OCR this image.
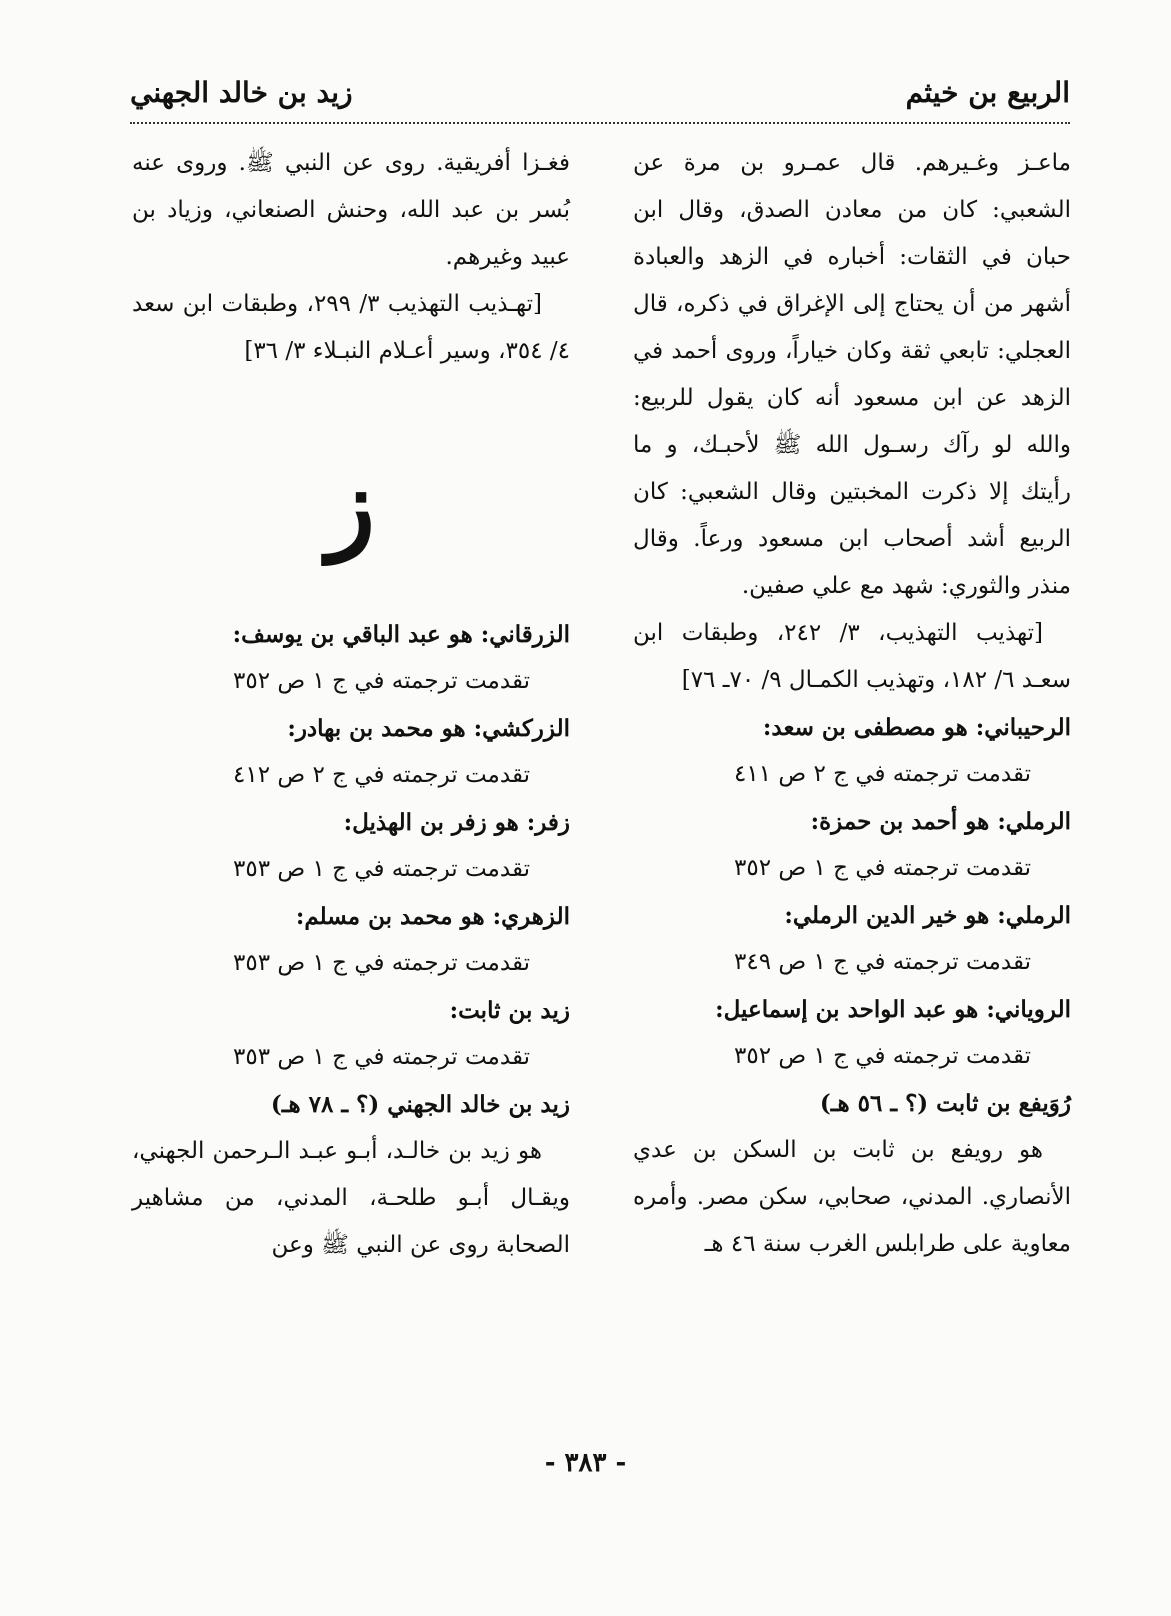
الربيع بن خيثم
زيد بن خالد الجهني

ماعـز وغـيرهم. قال عمـرو بن مرة عن الشعبي: كان من معادن الصدق، وقال ابن حبان في الثقات: أخباره في الزهد والعبادة أشهر من أن يحتاج إلى الإغراق في ذكره، قال العجلي: تابعي ثقة وكان خياراً، وروى أحمد في الزهد عن ابن مسعود أنه كان يقول للربيع: والله لو رآك رسـول الله ﷺ لأحبـك، و ما رأيتك إلا ذكرت المخبتين وقال الشعبي: كان الربيع أشد أصحاب ابن مسعود ورعاً. وقال منذر والثوري: شهد مع علي صفين.

[تهذيب التهذيب، ٣/ ٢٤٢، وطبقات ابن سعـد ٦/ ١٨٢، وتهذيب الكمـال ٩/ ٧٠ـ ٧٦]

الرحيباني: هو مصطفى بن سعد:

تقدمت ترجمته في ج ٢ ص ٤١١

الرملي: هو أحمد بن حمزة:

تقدمت ترجمته في ج ١ ص ٣٥٢

الرملي: هو خير الدين الرملي:

تقدمت ترجمته في ج ١ ص ٣٤٩

الروياني: هو عبد الواحد بن إسماعيل:

تقدمت ترجمته في ج ١ ص ٣٥٢

رُوَيفع بن ثابت (؟ ـ ٥٦ هـ)

هو رويفع بن ثابت بن السكن بن عدي الأنصاري. المدني، صحابي، سكن مصر. وأمره معاوية على طرابلس الغرب سنة ٤٦ هـ

فغـزا أفريقية. روى عن النبي ﷺ. وروى عنه بُسر بن عبد الله، وحنش الصنعاني، وزياد بن عبيد وغيرهم.

[تهـذيب التهذيب ٣/ ٢٩٩، وطبقات ابن سعد ٤/ ٣٥٤، وسير أعـلام النبـلاء ٣/ ٣٦]

ز

الزرقاني: هو عبد الباقي بن يوسف:

تقدمت ترجمته في ج ١ ص ٣٥٢

الزركشي: هو محمد بن بهادر:

تقدمت ترجمته في ج ٢ ص ٤١٢

زفر: هو زفر بن الهذيل:

تقدمت ترجمته في ج ١ ص ٣٥٣

الزهري: هو محمد بن مسلم:

تقدمت ترجمته في ج ١ ص ٣٥٣

زيد بن ثابت:

تقدمت ترجمته في ج ١ ص ٣٥٣

زيد بن خالد الجهني (؟ ـ ٧٨ هـ)

هو زيد بن خالـد، أبـو عبـد الـرحمن الجهني، ويقـال أبـو طلحـة، المدني، من مشاهير الصحابة روى عن النبي ﷺ وعن

- ٣٨٣ -
